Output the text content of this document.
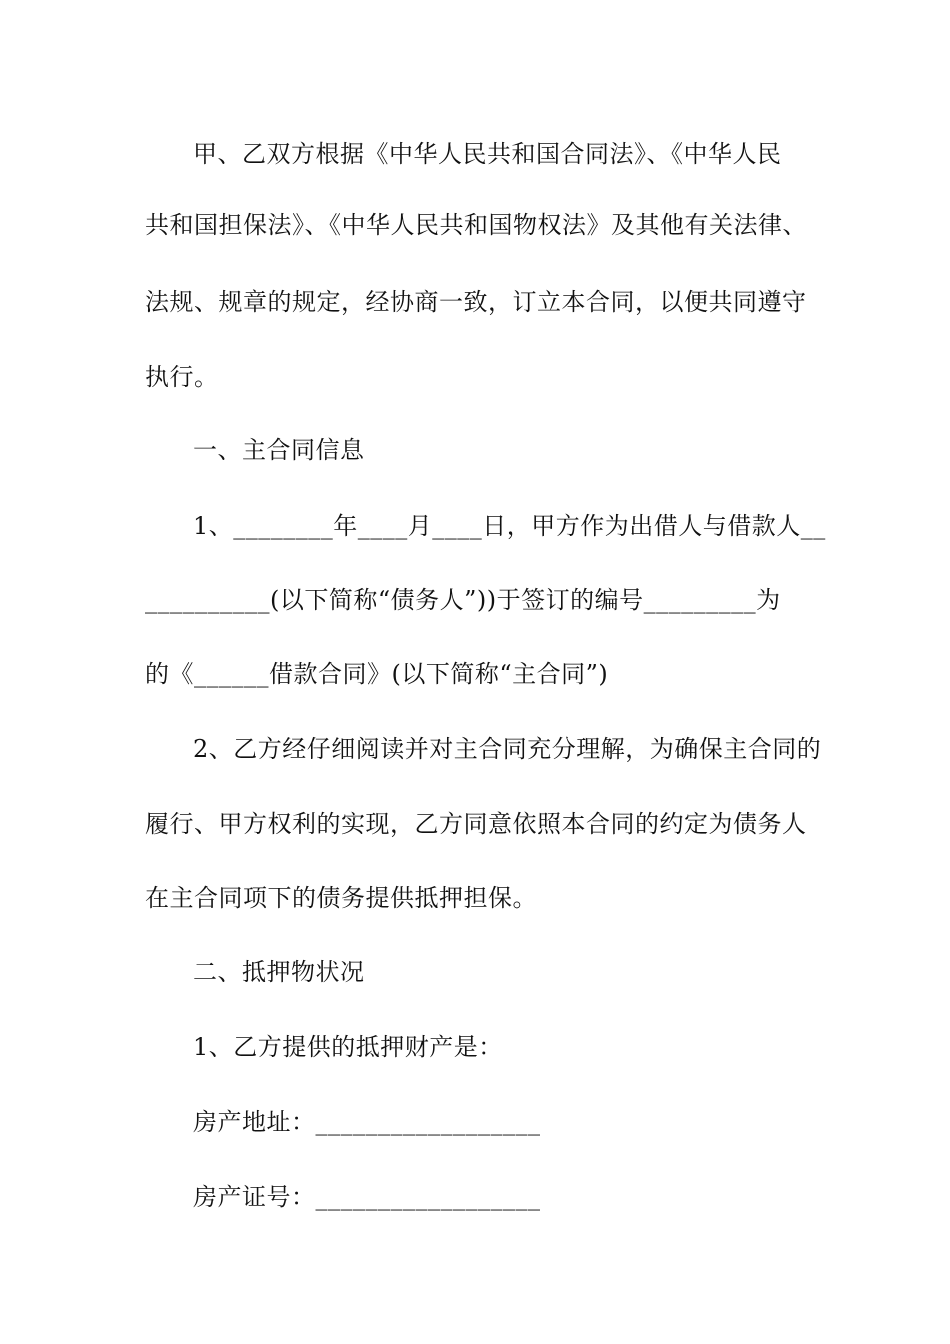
甲、乙双方根据《中华人民共和国合同法》、《中华人民
共和国担保法》、《中华人民共和国物权法》及其他有关法律、
法规、规章的规定，经协商一致，订立本合同，以便共同遵守
执行。
一、主合同信息
1、________年____月____日，甲方作为出借人与借款人__
__________(以下简称“债务人”))于签订的编号_________为
的《______借款合同》(以下简称“主合同”)
2、乙方经仔细阅读并对主合同充分理解，为确保主合同的
履行、甲方权利的实现，乙方同意依照本合同的约定为债务人
在主合同项下的债务提供抵押担保。
二、抵押物状况
1、乙方提供的抵押财产是：
房产地址：__________________
房产证号：__________________
